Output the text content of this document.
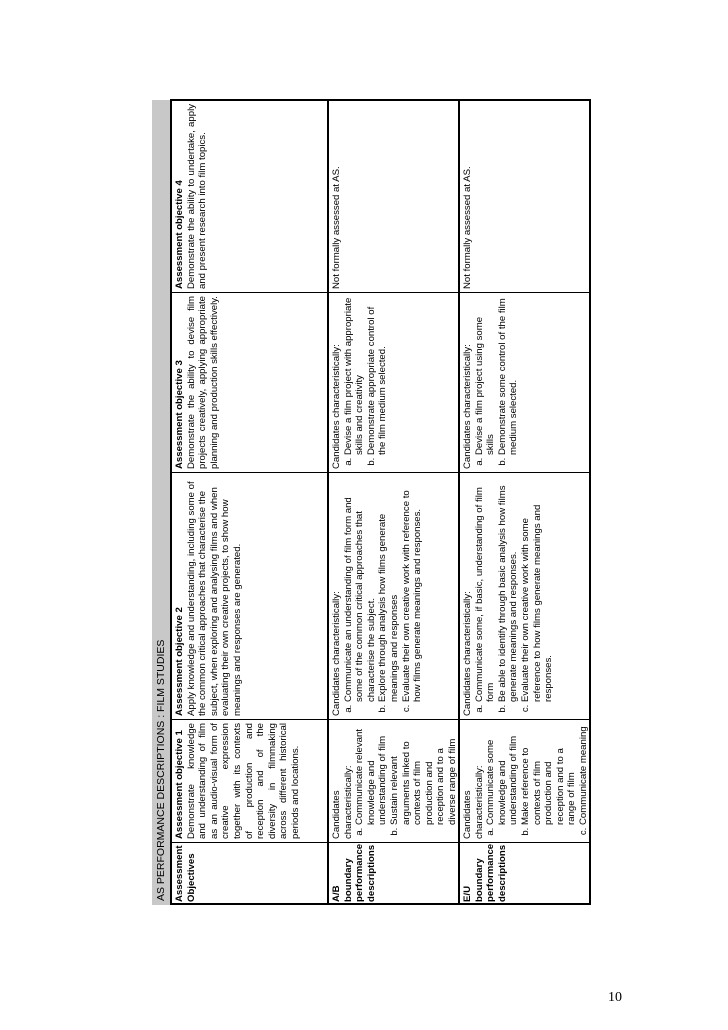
AS PERFORMANCE DESCRIPTIONS : FILM STUDIES Assessment Objectives	A/B boundary performance descriptions	E/U boundary performance descriptions
Assessment objective 1 Demonstrate knowledge and understanding of film as an audio-visual form of creative expression together with its contexts of production and reception and of the diversity in filmmaking across different historical periods and locations.
Assessment objective 2 Apply knowledge and understanding, including some of the common critical approaches that characterise the subject, when exploring and analysing films and when evaluating their own creative projects, to show how meanings and responses are generated.
Assessment objective 3 Demonstrate the ability to devise film projects creatively, applying appropriate planning and production skills effectively.
Assessment objective 4 Demonstrate the ability to undertake, apply and present research into film topics.
Candidates characteristically: a. Communicate relevant knowledge and understanding of film b. Sustain relevant arguments linked to contexts of film production and reception and to a diverse range of film
Candidates characteristically: a. Communicate an understanding of film form and some of the common critical approaches that characterise the subject. b. Explore through analysis how films generate meanings and responses c. Evaluate their own creative work with reference to how films generate meanings and responses.
Candidates characteristically: a. Devise a film project with appropriate skills and creativity b. Demonstrate appropriate control of the film medium selected.
Not formally assessed at AS.
Candidates characteristically: a. Communicate some knowledge and understanding of film b. Make reference to contexts of film production and reception and to a range of film c. Communicate meaning
Candidates characteristically: a. Communicate some, if basic, understanding of film form b. Be able to identify through basic analysis how films generate meanings and responses. c. Evaluate their own creative work with some reference to how films generate meanings and responses.
Candidates characteristically: a. Devise a film project using some skills b. Demonstrate some control of the film medium selected.
Not formally assessed at AS.
10
